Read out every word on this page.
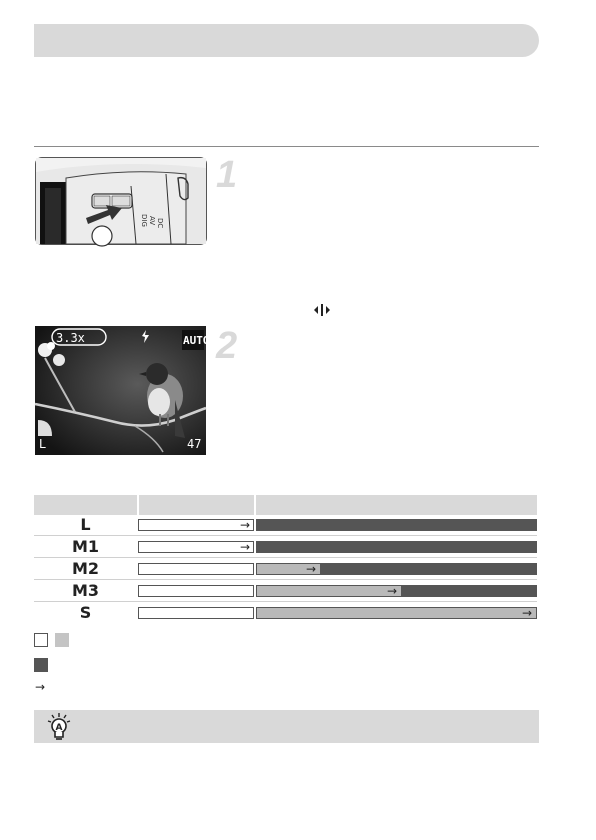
DC
AV
DIG
1
3.3x	AUTO
L	47
2
L	→
M1	→
M2	→
M3	→
S	→
→
A
